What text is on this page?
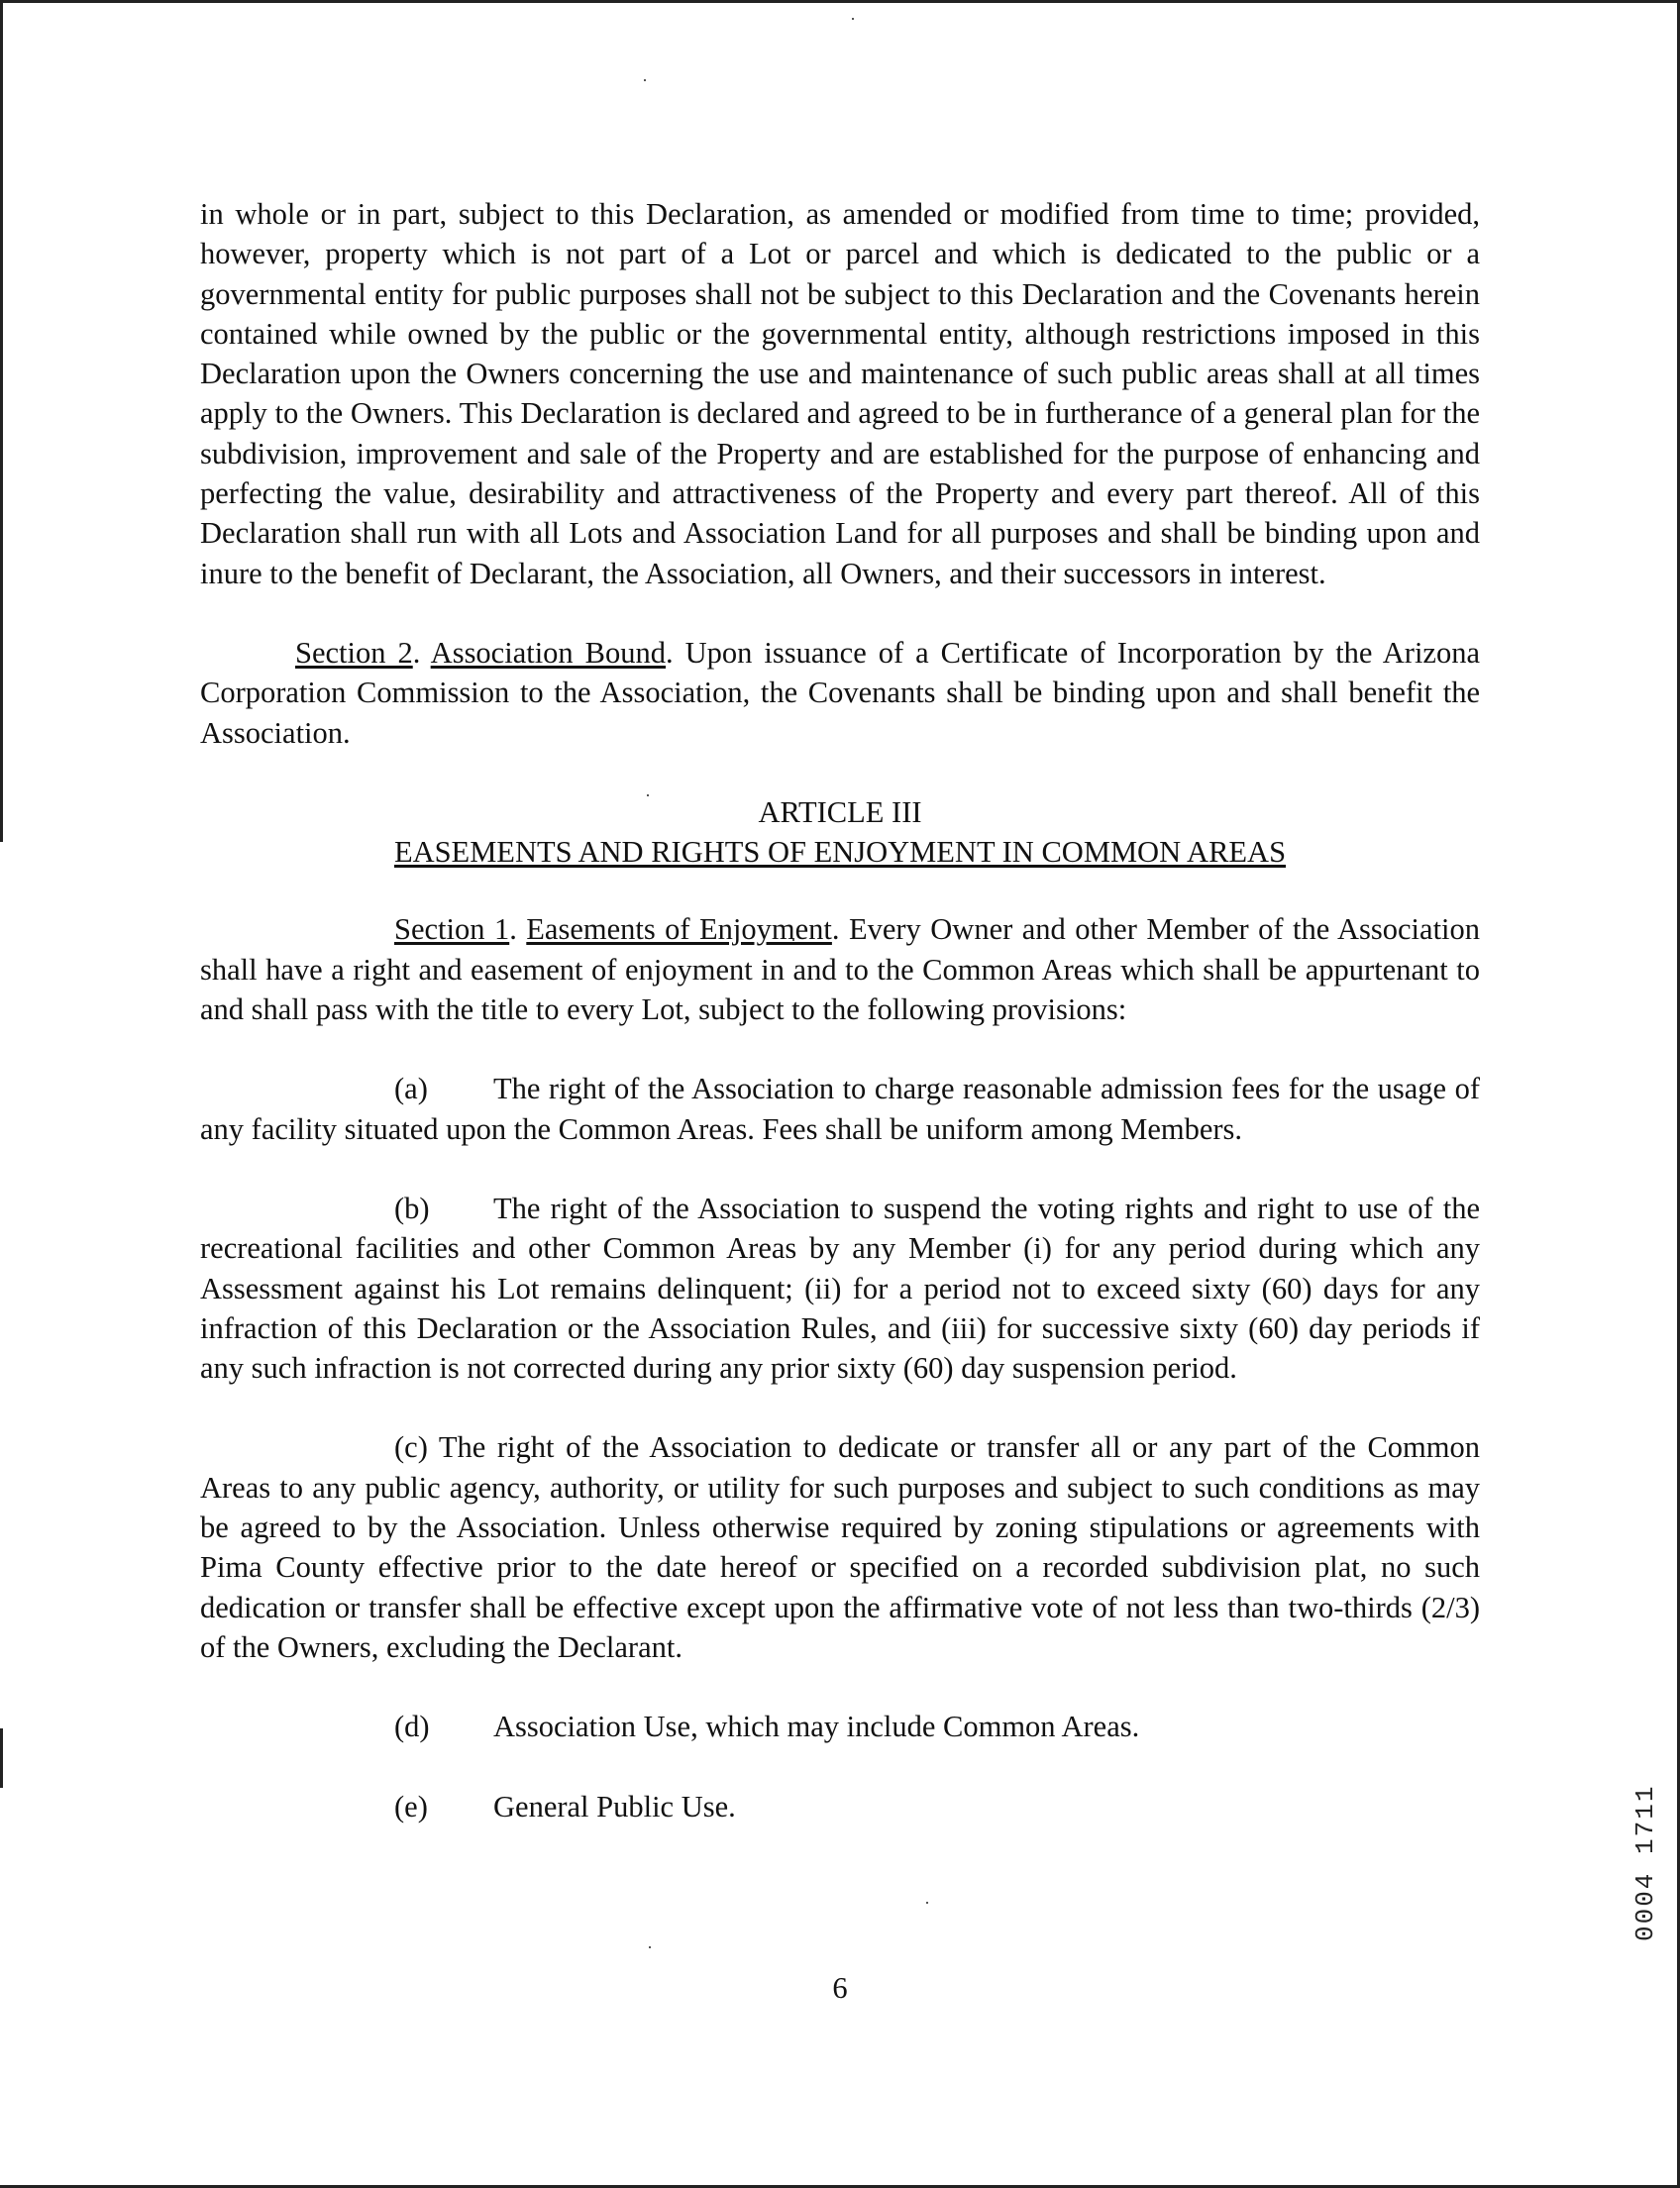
in whole or in part, subject to this Declaration, as amended or modified from time to time; provided, however, property which is not part of a Lot or parcel and which is dedicated to the public or a governmental entity for public purposes shall not be subject to this Declaration and the Covenants herein contained while owned by the public or the governmental entity, although restrictions imposed in this Declaration upon the Owners concerning the use and maintenance of such public areas shall at all times apply to the Owners. This Declaration is declared and agreed to be in furtherance of a general plan for the subdivision, improvement and sale of the Property and are established for the purpose of enhancing and perfecting the value, desirability and attractiveness of the Property and every part thereof. All of this Declaration shall run with all Lots and Association Land for all purposes and shall be binding upon and inure to the benefit of Declarant, the Association, all Owners, and their successors in interest.

Section 2. Association Bound. Upon issuance of a Certificate of Incorporation by the Arizona Corporation Commission to the Association, the Covenants shall be binding upon and shall benefit the Association.

ARTICLE III

EASEMENTS AND RIGHTS OF ENJOYMENT IN COMMON AREAS

Section 1. Easements of Enjoyment. Every Owner and other Member of the Association shall have a right and easement of enjoyment in and to the Common Areas which shall be appurtenant to and shall pass with the title to every Lot, subject to the following provisions:

(a) The right of the Association to charge reasonable admission fees for the usage of any facility situated upon the Common Areas. Fees shall be uniform among Members.

(b) The right of the Association to suspend the voting rights and right to use of the recreational facilities and other Common Areas by any Member (i) for any period during which any Assessment against his Lot remains delinquent; (ii) for a period not to exceed sixty (60) days for any infraction of this Declaration or the Association Rules, and (iii) for successive sixty (60) day periods if any such infraction is not corrected during any prior sixty (60) day suspension period.

(c) The right of the Association to dedicate or transfer all or any part of the Common Areas to any public agency, authority, or utility for such purposes and subject to such conditions as may be agreed to by the Association. Unless otherwise required by zoning stipulations or agreements with Pima County effective prior to the date hereof or specified on a recorded subdivision plat, no such dedication or transfer shall be effective except upon the affirmative vote of not less than two-thirds (2/3) of the Owners, excluding the Declarant.

(d) Association Use, which may include Common Areas.

(e) General Public Use.

6
0004 1711
